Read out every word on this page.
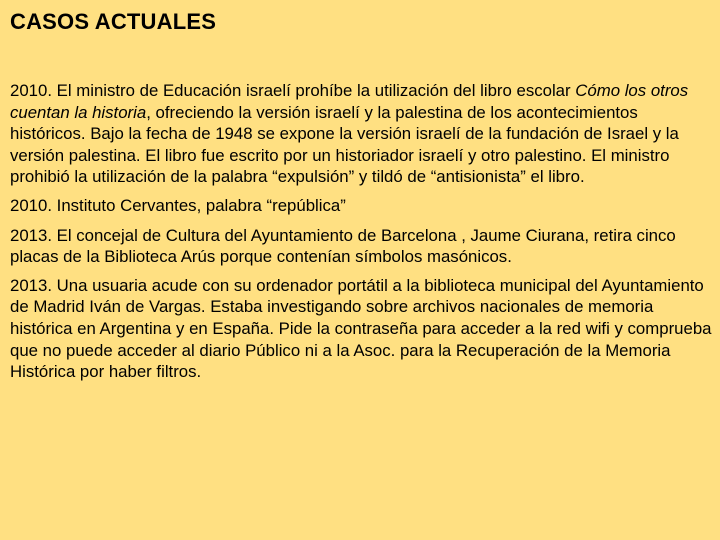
CASOS ACTUALES

2010. El ministro de Educación israelí prohíbe la utilización del libro escolar Cómo los otros cuentan la historia, ofreciendo la versión israelí y la palestina de los acontecimientos históricos. Bajo la fecha de 1948 se expone la versión israelí de la fundación de Israel y la versión palestina. El libro fue escrito por un historiador israelí y otro palestino. El ministro prohibió la utilización de la palabra “expulsión” y tildó de “antisionista” el libro.

2010. Instituto Cervantes, palabra “república”

2013. El concejal de Cultura del Ayuntamiento de Barcelona , Jaume Ciurana, retira cinco placas de la Biblioteca Arús porque contenían símbolos masónicos.

2013. Una usuaria acude con su ordenador portátil a la biblioteca municipal del Ayuntamiento de Madrid Iván de Vargas. Estaba investigando sobre archivos nacionales de memoria histórica en Argentina y en España. Pide la contraseña para acceder a la red wifi y comprueba que no puede acceder al diario Público ni a la Asoc. para la Recuperación de la Memoria Histórica por haber filtros.
